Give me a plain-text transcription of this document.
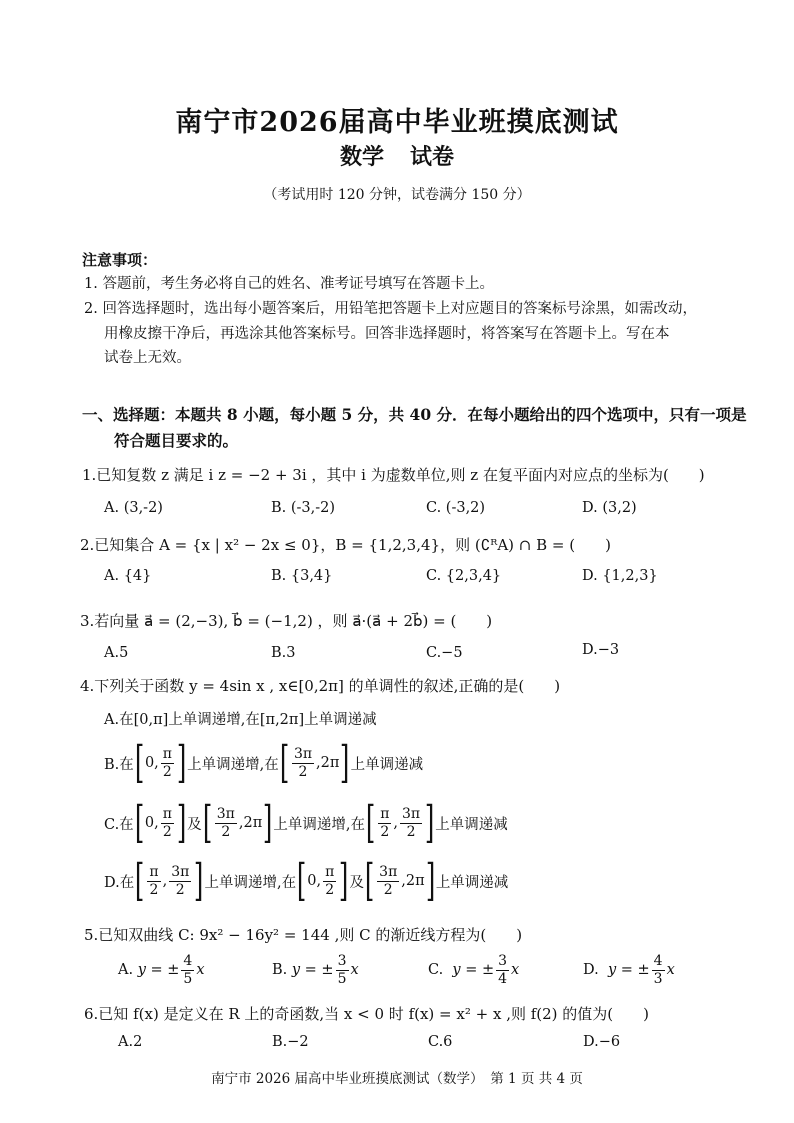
南宁市2026届高中毕业班摸底测试
数学 试卷
（考试用时 120 分钟，试卷满分 150 分）
注意事项：
1. 答题前，考生务必将自己的姓名、准考证号填写在答题卡上。
2. 回答选择题时，选出每小题答案后，用铅笔把答题卡上对应题目的答案标号涂黑，如需改动，
用橡皮擦干净后，再选涂其他答案标号。回答非选择题时，将答案写在答题卡上。写在本
试卷上无效。
一、选择题：本题共 8 小题，每小题 5 分，共 40 分．在每小题给出的四个选项中，只有一项是
符合题目要求的。
1.已知复数 z 满足 i z = −2 + 3i ，其中 i 为虚数单位,则 z 在复平面内对应点的坐标为(　　)
A. (3,-2)	B. (-3,-2)	C. (-3,2)	D. (3,2)
2.已知集合 A = {x | x² − 2x ≤ 0}，B = {1,2,3,4}，则 (∁ᴿA) ∩ B = (　　)
A. {4}	B. {3,4}	C. {2,3,4}	D. {1,2,3}
3.若向量 a⃗ = (2,−3), b⃗ = (−1,2) ，则 a⃗·(a⃗ + 2b⃗) = (　　)
A.5	B.3	C.−5	D.−3
4.下列关于函数 y = 4sin x , x∈[0,2π] 的单调性的叙述,正确的是(　　)
A.在[0,π]上单调递增,在[π,2π]上单调递减
B.在 [ 0, $\frac{\pi}{2}$ ] 上单调递增,在 [ $\frac{3\pi}{2} ,2\pi$ ] 上单调递减
C.在 [ 0, $\frac{\pi}{2}$ ] 及 [ $\frac{3\pi}{2} ,2\pi$ ] 上单调递增,在 [ $\frac{\pi}{2}$ , $\frac{3\pi}{2}$ ] 上单调递减
D.在 [ $\frac{\pi}{2}$ , $\frac{3\pi}{2}$ ] 上单调递增,在 [ 0, $\frac{\pi}{2}$ ] 及 [ $\frac{3\pi}{2} ,2\pi$ ] 上单调递减
5.已知双曲线 C: 9x² − 16y² = 144 ,则 C 的渐近线方程为(　　)
A.
y = ± $\frac{4}{5}$ x	B.
y = ± $\frac{3}{5}$ x	C.
y = ± $\frac{3}{4}$ x	D.
y = ± $\frac{4}{3}$ x
6.已知 f(x) 是定义在 R 上的奇函数,当 x < 0 时 f(x) = x² + x ,则 f(2) 的值为(　　)
A.2	B.−2	C.6	D.−6
南宁市 2026 届高中毕业班摸底测试（数学）　第 1 页 共 4 页
